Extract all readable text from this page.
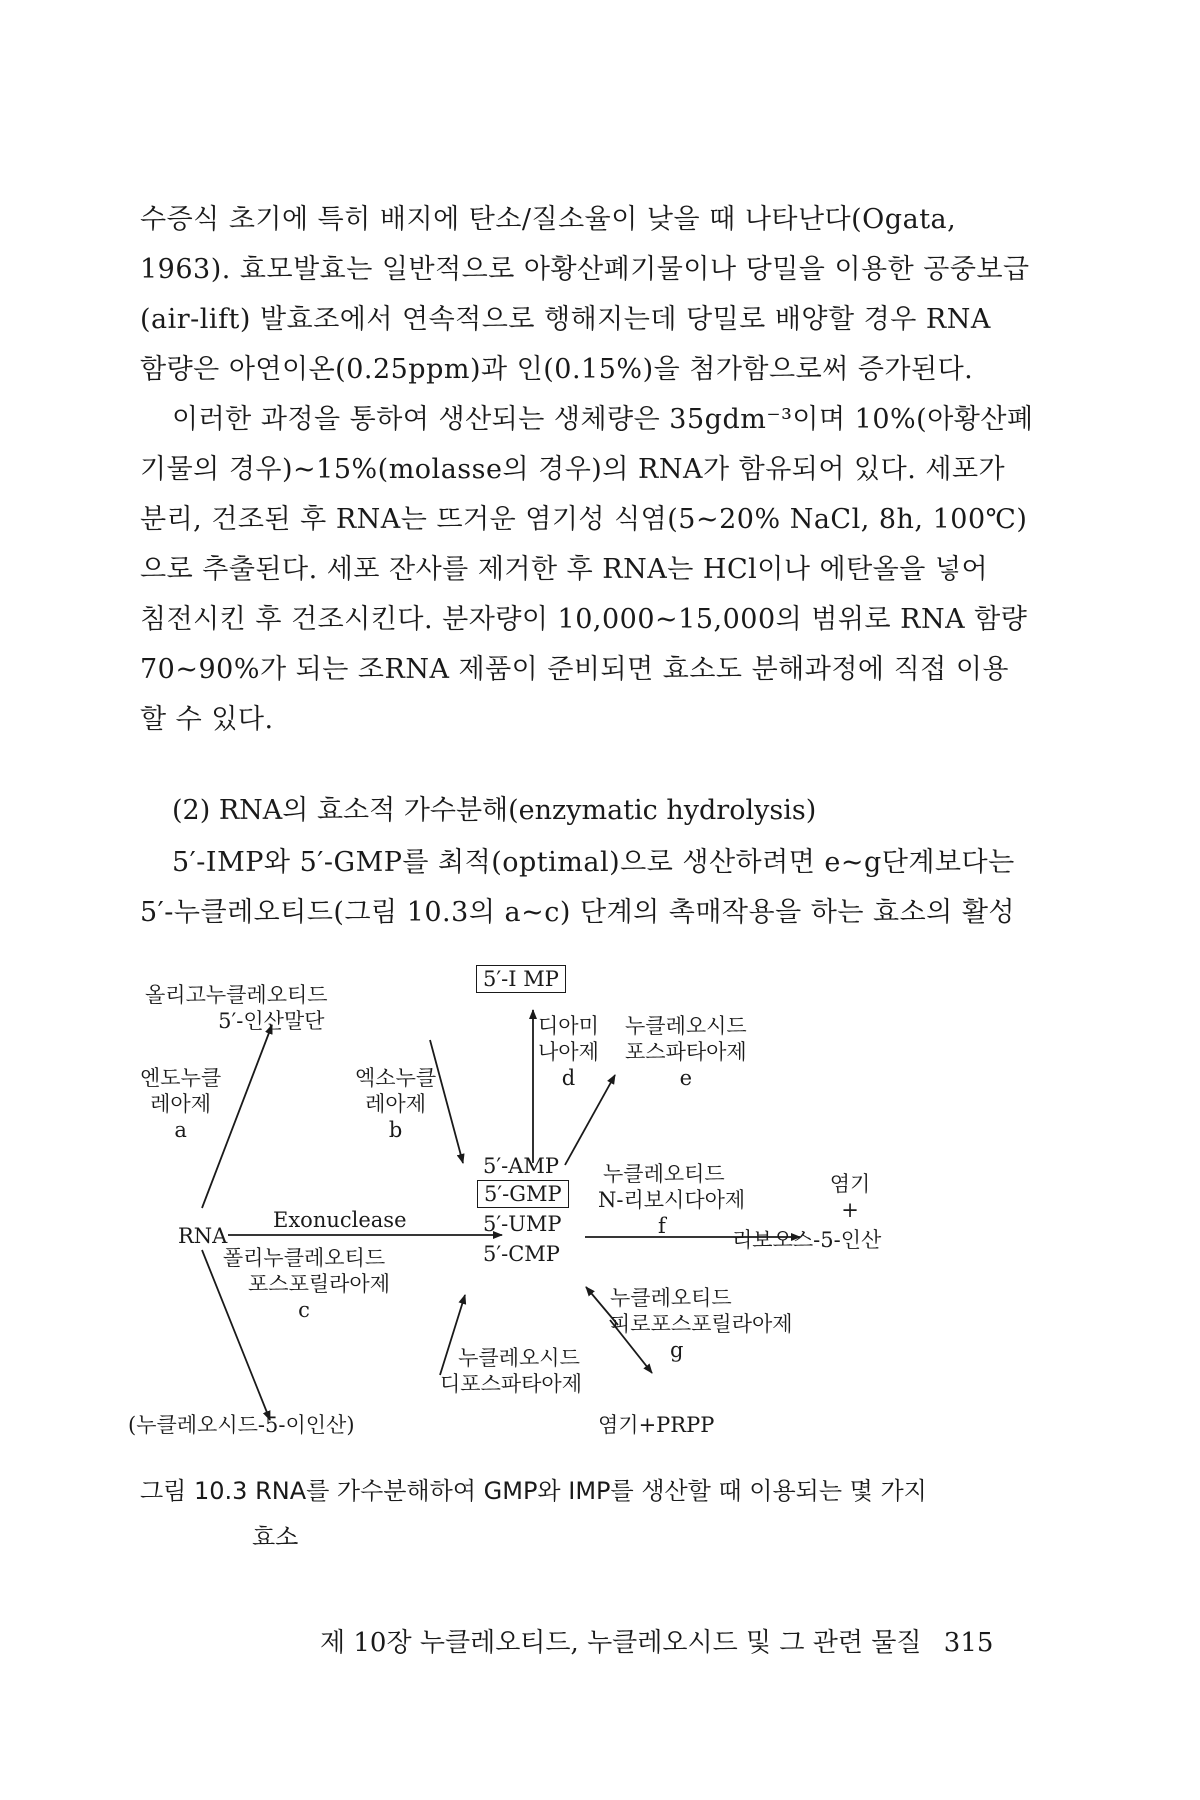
수증식 초기에 특히 배지에 탄소/질소율이 낮을 때 나타난다(Ogata,
1963). 효모발효는 일반적으로 아황산폐기물이나 당밀을 이용한 공중보급
(air-lift) 발효조에서 연속적으로 행해지는데 당밀로 배양할 경우 RNA
함량은 아연이온(0.25ppm)과 인(0.15%)을 첨가함으로써 증가된다.
이러한 과정을 통하여 생산되는 생체량은 35gdm⁻³이며 10%(아황산폐
기물의 경우)~15%(molasse의 경우)의 RNA가 함유되어 있다. 세포가
분리, 건조된 후 RNA는 뜨거운 염기성 식염(5~20% NaCl, 8h, 100℃)
으로 추출된다. 세포 잔사를 제거한 후 RNA는 HCl이나 에탄올을 넣어
침전시킨 후 건조시킨다. 분자량이 10,000~15,000의 범위로 RNA 함량
70~90%가 되는 조RNA 제품이 준비되면 효소도 분해과정에 직접 이용
할 수 있다.
(2) RNA의 효소적 가수분해(enzymatic hydrolysis)
5′-IMP와 5′-GMP를 최적(optimal)으로 생산하려면 e~g단계보다는
5′-누클레오티드(그림 10.3의 a~c) 단계의 촉매작용을 하는 효소의 활성
5′-I MP
올리고누클레오티드
5′-인산말단
엔도누클
레아제
a
엑소누클
레아제
b
디아미
나아제
d
누클레오시드
포스파타아제
e
RNA
Exonuclease
5′-AMP
5′-GMP
5′-UMP
5′-CMP
누클레오티드
N-리보시다아제
f
염기
+
리보오스-5-인산
폴리누클레오티드
포스포릴라아제
c	누클레오티드
피로포스포릴라아제
g
누클레오시드
디포스파타아제
(누클레오시드-5-이인산)	염기+PRPP
그림 10.3 RNA를 가수분해하여 GMP와 IMP를 생산할 때 이용되는 몇 가지
효소
제 10장 누클레오티드, 누클레오시드 및 그 관련 물질 315
